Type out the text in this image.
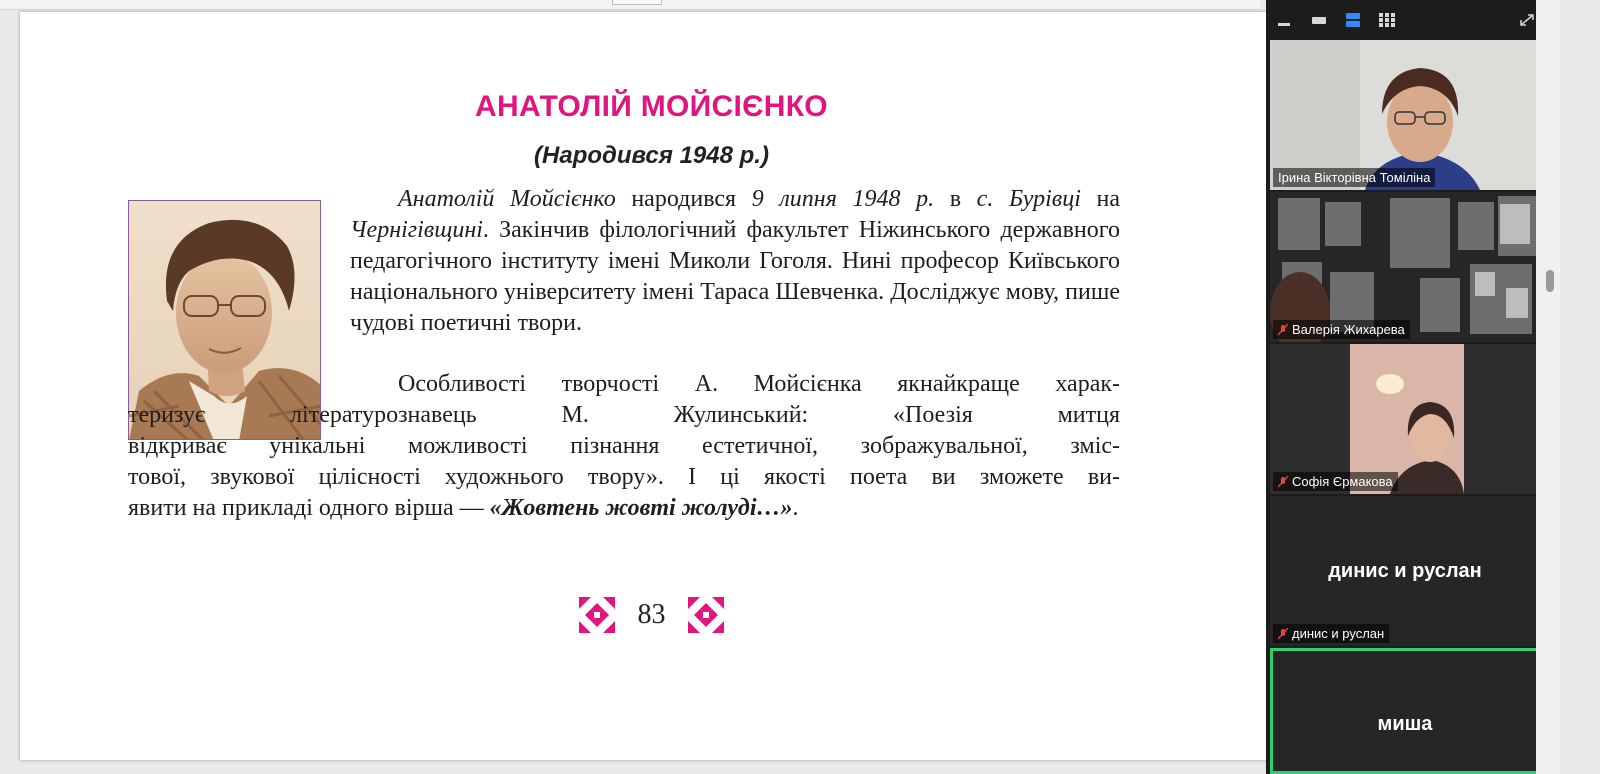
АНАТОЛІЙ МОЙСІЄНКО
(Народився 1948 р.)
Анатолій Мойсієнко народився 9 липня 1948 р. в с. Бурівці на Чернігівщині. Закінчив філологічний факультет Ніжинського державного педагогічного інституту імені Миколи Гоголя. Нині професор Київського національного університету імені Тараса Шевченка. Досліджує мову, пише чудові поетичні твори.
Особливості творчості А. Мойсієнка якнайкраще харак-
теризує літературознавець М. Жулинський: «Поезія митця
відкриває унікальні можливості пізнання естетичної, зображувальної, зміс-
тової, звукової цілісності художнього твору». І ці якості поета ви зможете ви-
явити на прикладі одного вірша — «Жовтень жовті жолуді…».
83
Ірина Вікторівна Томіліна
Валерія Жихарева
Софія Єрмакова
динис и руслан
динис и руслан
миша
